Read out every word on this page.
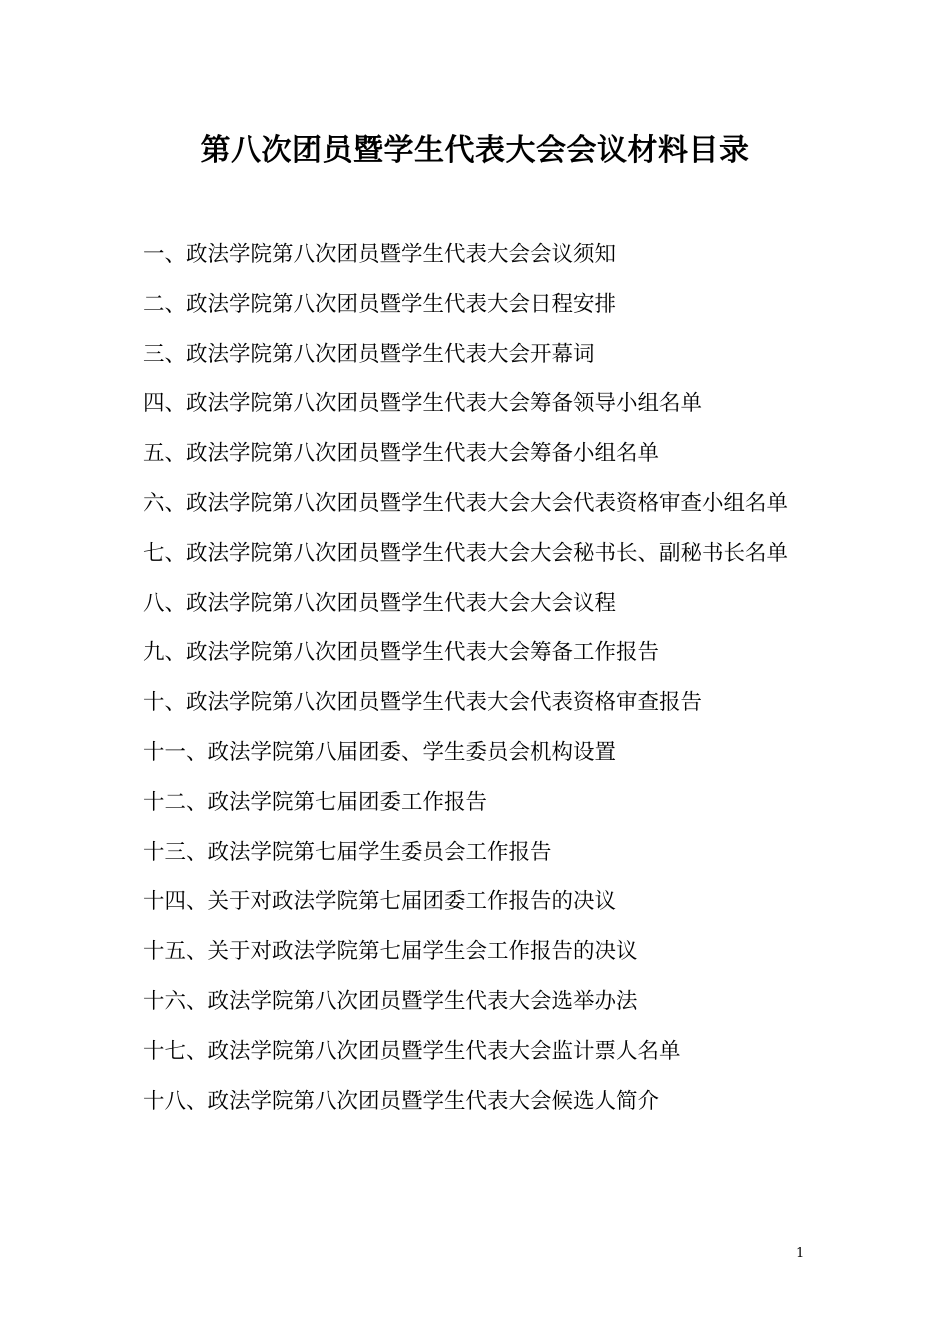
第八次团员暨学生代表大会会议材料目录
一、政法学院第八次团员暨学生代表大会会议须知
二、政法学院第八次团员暨学生代表大会日程安排
三、政法学院第八次团员暨学生代表大会开幕词
四、政法学院第八次团员暨学生代表大会筹备领导小组名单
五、政法学院第八次团员暨学生代表大会筹备小组名单
六、政法学院第八次团员暨学生代表大会大会代表资格审查小组名单
七、政法学院第八次团员暨学生代表大会大会秘书长、副秘书长名单
八、政法学院第八次团员暨学生代表大会大会议程
九、政法学院第八次团员暨学生代表大会筹备工作报告
十、政法学院第八次团员暨学生代表大会代表资格审查报告
十一、政法学院第八届团委、学生委员会机构设置
十二、政法学院第七届团委工作报告
十三、政法学院第七届学生委员会工作报告
十四、关于对政法学院第七届团委工作报告的决议
十五、关于对政法学院第七届学生会工作报告的决议
十六、政法学院第八次团员暨学生代表大会选举办法
十七、政法学院第八次团员暨学生代表大会监计票人名单
十八、政法学院第八次团员暨学生代表大会候选人简介
1
